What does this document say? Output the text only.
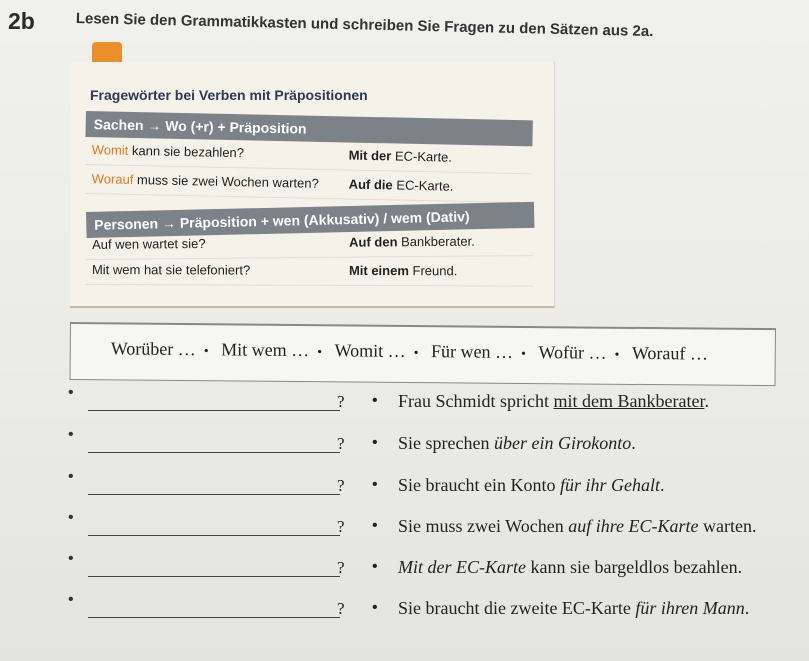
2b	Lesen Sie den Grammatikkasten und schreiben Sie Fragen zu den Sätzen aus 2a.
Fragewörter bei Verben mit Präpositionen
Sachen → Wo (+r) + Präposition
Womit kann sie bezahlen?	Mit der EC-Karte.
Worauf muss sie zwei Wochen warten? Auf die EC-Karte.
Personen → Präposition + wen (Akkusativ) / wem (Dativ)
Auf wen wartet sie?	Auf den Bankberater.
Mit wem hat sie telefoniert?	Mit einem Freund.
Worüber … • Mit wem … • Womit … • Für wen … • Wofür … • Worauf …
•	? • Frau Schmidt spricht mit dem Bankberater.
•	? • Sie sprechen über ein Girokonto.
•	? • Sie braucht ein Konto für ihr Gehalt.
•	? • Sie muss zwei Wochen auf ihre EC-Karte warten.
•	? • Mit der EC-Karte kann sie bargeldlos bezahlen.
•	? • Sie braucht die zweite EC-Karte für ihren Mann.
